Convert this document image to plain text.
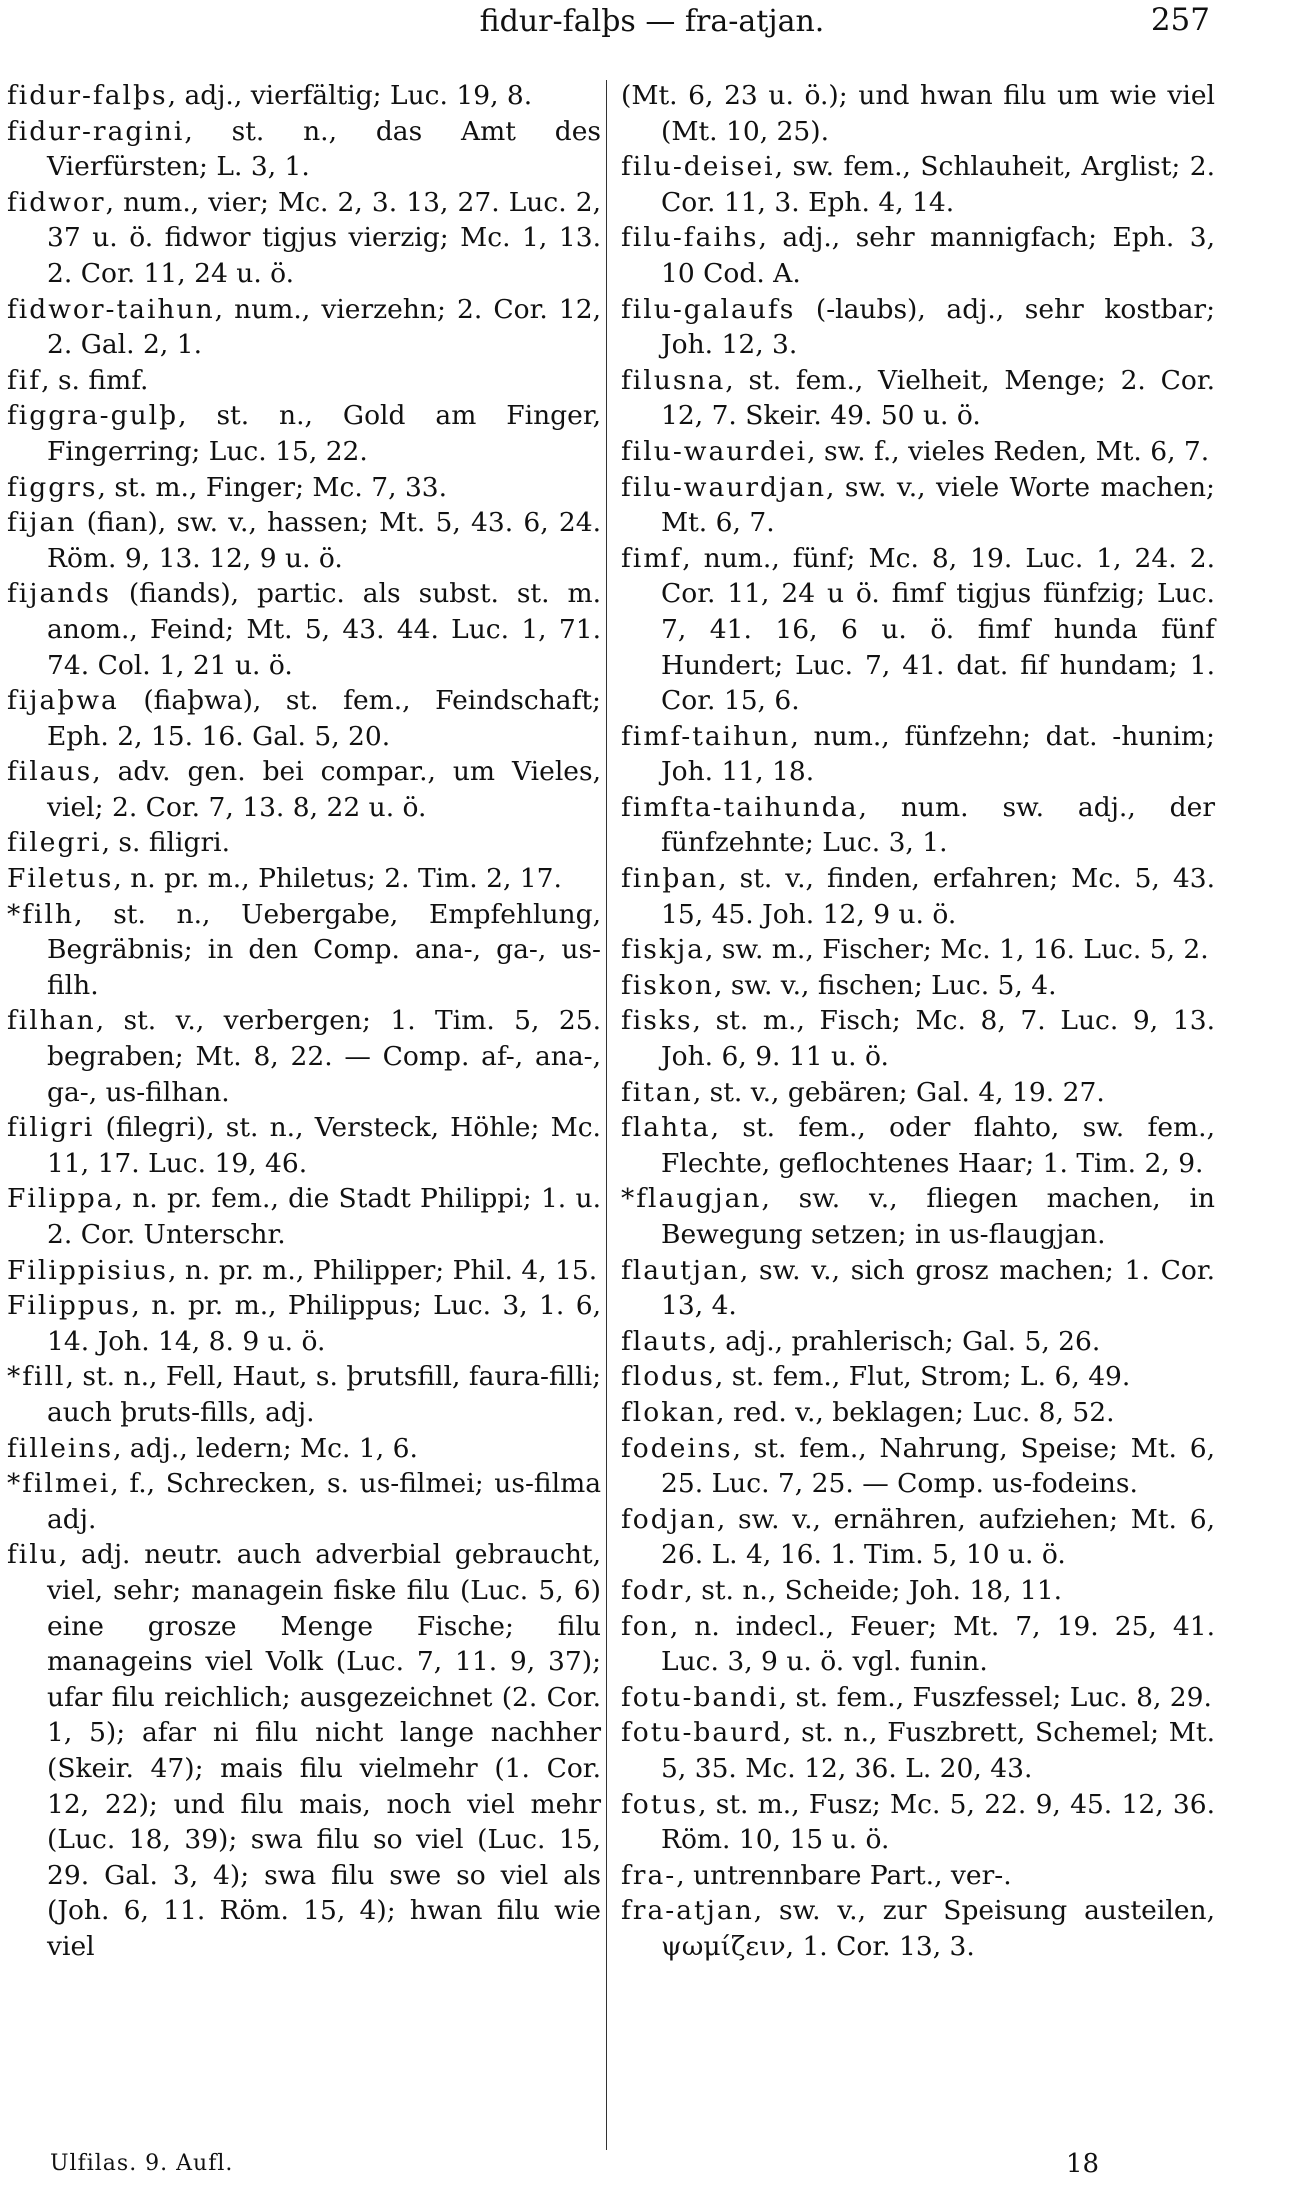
fidur-falþs — fra-atjan.	257

fidur-falþs, adj., vierfältig; Luc. 19, 8.

fidur-ragini, st. n., das Amt des Vierfürsten; L. 3, 1.

fidwor, num., vier; Mc. 2, 3. 13, 27. Luc. 2, 37 u. ö. fidwor tigjus vierzig; Mc. 1, 13. 2. Cor. 11, 24 u. ö.

fidwor-taihun, num., vierzehn; 2. Cor. 12, 2. Gal. 2, 1.

fif, s. fimf.

figgra-gulþ, st. n., Gold am Finger, Fingerring; Luc. 15, 22.

figgrs, st. m., Finger; Mc. 7, 33.

fijan (fian), sw. v., hassen; Mt. 5, 43. 6, 24. Röm. 9, 13. 12, 9 u. ö.

fijands (fiands), partic. als subst. st. m. anom., Feind; Mt. 5, 43. 44. Luc. 1, 71. 74. Col. 1, 21 u. ö.

fijaþwa (fiaþwa), st. fem., Feindschaft; Eph. 2, 15. 16. Gal. 5, 20.

filaus, adv. gen. bei compar., um Vieles, viel; 2. Cor. 7, 13. 8, 22 u. ö.

filegri, s. filigri.

Filetus, n. pr. m., Philetus; 2. Tim. 2, 17.

*filh, st. n., Uebergabe, Empfehlung, Begräbnis; in den Comp. ana-, ga-, us-filh.

filhan, st. v., verbergen; 1. Tim. 5, 25. begraben; Mt. 8, 22. — Comp. af-, ana-, ga-, us-filhan.

filigri (filegri), st. n., Versteck, Höhle; Mc. 11, 17. Luc. 19, 46.

Filippa, n. pr. fem., die Stadt Philippi; 1. u. 2. Cor. Unterschr.

Filippisius, n. pr. m., Philipper; Phil. 4, 15.

Filippus, n. pr. m., Philippus; Luc. 3, 1. 6, 14. Joh. 14, 8. 9 u. ö.

*fill, st. n., Fell, Haut, s. þrutsfill, faura-filli; auch þruts-fills, adj.

filleins, adj., ledern; Mc. 1, 6.

*filmei, f., Schrecken, s. us-filmei; us-filma adj.

filu, adj. neutr. auch adverbial gebraucht, viel, sehr; managein fiske filu (Luc. 5, 6) eine grosze Menge Fische; filu manageins viel Volk (Luc. 7, 11. 9, 37); ufar filu reichlich; ausgezeichnet (2. Cor. 1, 5); afar ni filu nicht lange nachher (Skeir. 47); mais filu vielmehr (1. Cor. 12, 22); und filu mais, noch viel mehr (Luc. 18, 39); swa filu so viel (Luc. 15, 29. Gal. 3, 4); swa filu swe so viel als (Joh. 6, 11. Röm. 15, 4); hwan filu wie viel

(Mt. 6, 23 u. ö.); und hwan filu um wie viel (Mt. 10, 25).

filu-deisei, sw. fem., Schlauheit, Arglist; 2. Cor. 11, 3. Eph. 4, 14.

filu-faihs, adj., sehr mannigfach; Eph. 3, 10 Cod. A.

filu-galaufs (-laubs), adj., sehr kostbar; Joh. 12, 3.

filusna, st. fem., Vielheit, Menge; 2. Cor. 12, 7. Skeir. 49. 50 u. ö.

filu-waurdei, sw. f., vieles Reden, Mt. 6, 7.

filu-waurdjan, sw. v., viele Worte machen; Mt. 6, 7.

fimf, num., fünf; Mc. 8, 19. Luc. 1, 24. 2. Cor. 11, 24 u ö. fimf tigjus fünfzig; Luc. 7, 41. 16, 6 u. ö. fimf hunda fünf Hundert; Luc. 7, 41. dat. fif hundam; 1. Cor. 15, 6.

fimf-taihun, num., fünfzehn; dat. -hunim; Joh. 11, 18.

fimfta-taihunda, num. sw. adj., der fünfzehnte; Luc. 3, 1.

finþan, st. v., finden, erfahren; Mc. 5, 43. 15, 45. Joh. 12, 9 u. ö.

fiskja, sw. m., Fischer; Mc. 1, 16. Luc. 5, 2.

fiskon, sw. v., fischen; Luc. 5, 4.

fisks, st. m., Fisch; Mc. 8, 7. Luc. 9, 13. Joh. 6, 9. 11 u. ö.

fitan, st. v., gebären; Gal. 4, 19. 27.

flahta, st. fem., oder flahto, sw. fem., Flechte, geflochtenes Haar; 1. Tim. 2, 9.

*flaugjan, sw. v., fliegen machen, in Bewegung setzen; in us-flaugjan.

flautjan, sw. v., sich grosz machen; 1. Cor. 13, 4.

flauts, adj., prahlerisch; Gal. 5, 26.

flodus, st. fem., Flut, Strom; L. 6, 49.

flokan, red. v., beklagen; Luc. 8, 52.

fodeins, st. fem., Nahrung, Speise; Mt. 6, 25. Luc. 7, 25. — Comp. us-fodeins.

fodjan, sw. v., ernähren, aufziehen; Mt. 6, 26. L. 4, 16. 1. Tim. 5, 10 u. ö.

fodr, st. n., Scheide; Joh. 18, 11.

fon, n. indecl., Feuer; Mt. 7, 19. 25, 41. Luc. 3, 9 u. ö. vgl. funin.

fotu-bandi, st. fem., Fuszfessel; Luc. 8, 29.

fotu-baurd, st. n., Fuszbrett, Schemel; Mt. 5, 35. Mc. 12, 36. L. 20, 43.

fotus, st. m., Fusz; Mc. 5, 22. 9, 45. 12, 36. Röm. 10, 15 u. ö.

fra-, untrennbare Part., ver-.

fra-atjan, sw. v., zur Speisung austeilen, ψωμίζειν, 1. Cor. 13, 3.

Ulfilas. 9. Aufl.	18
